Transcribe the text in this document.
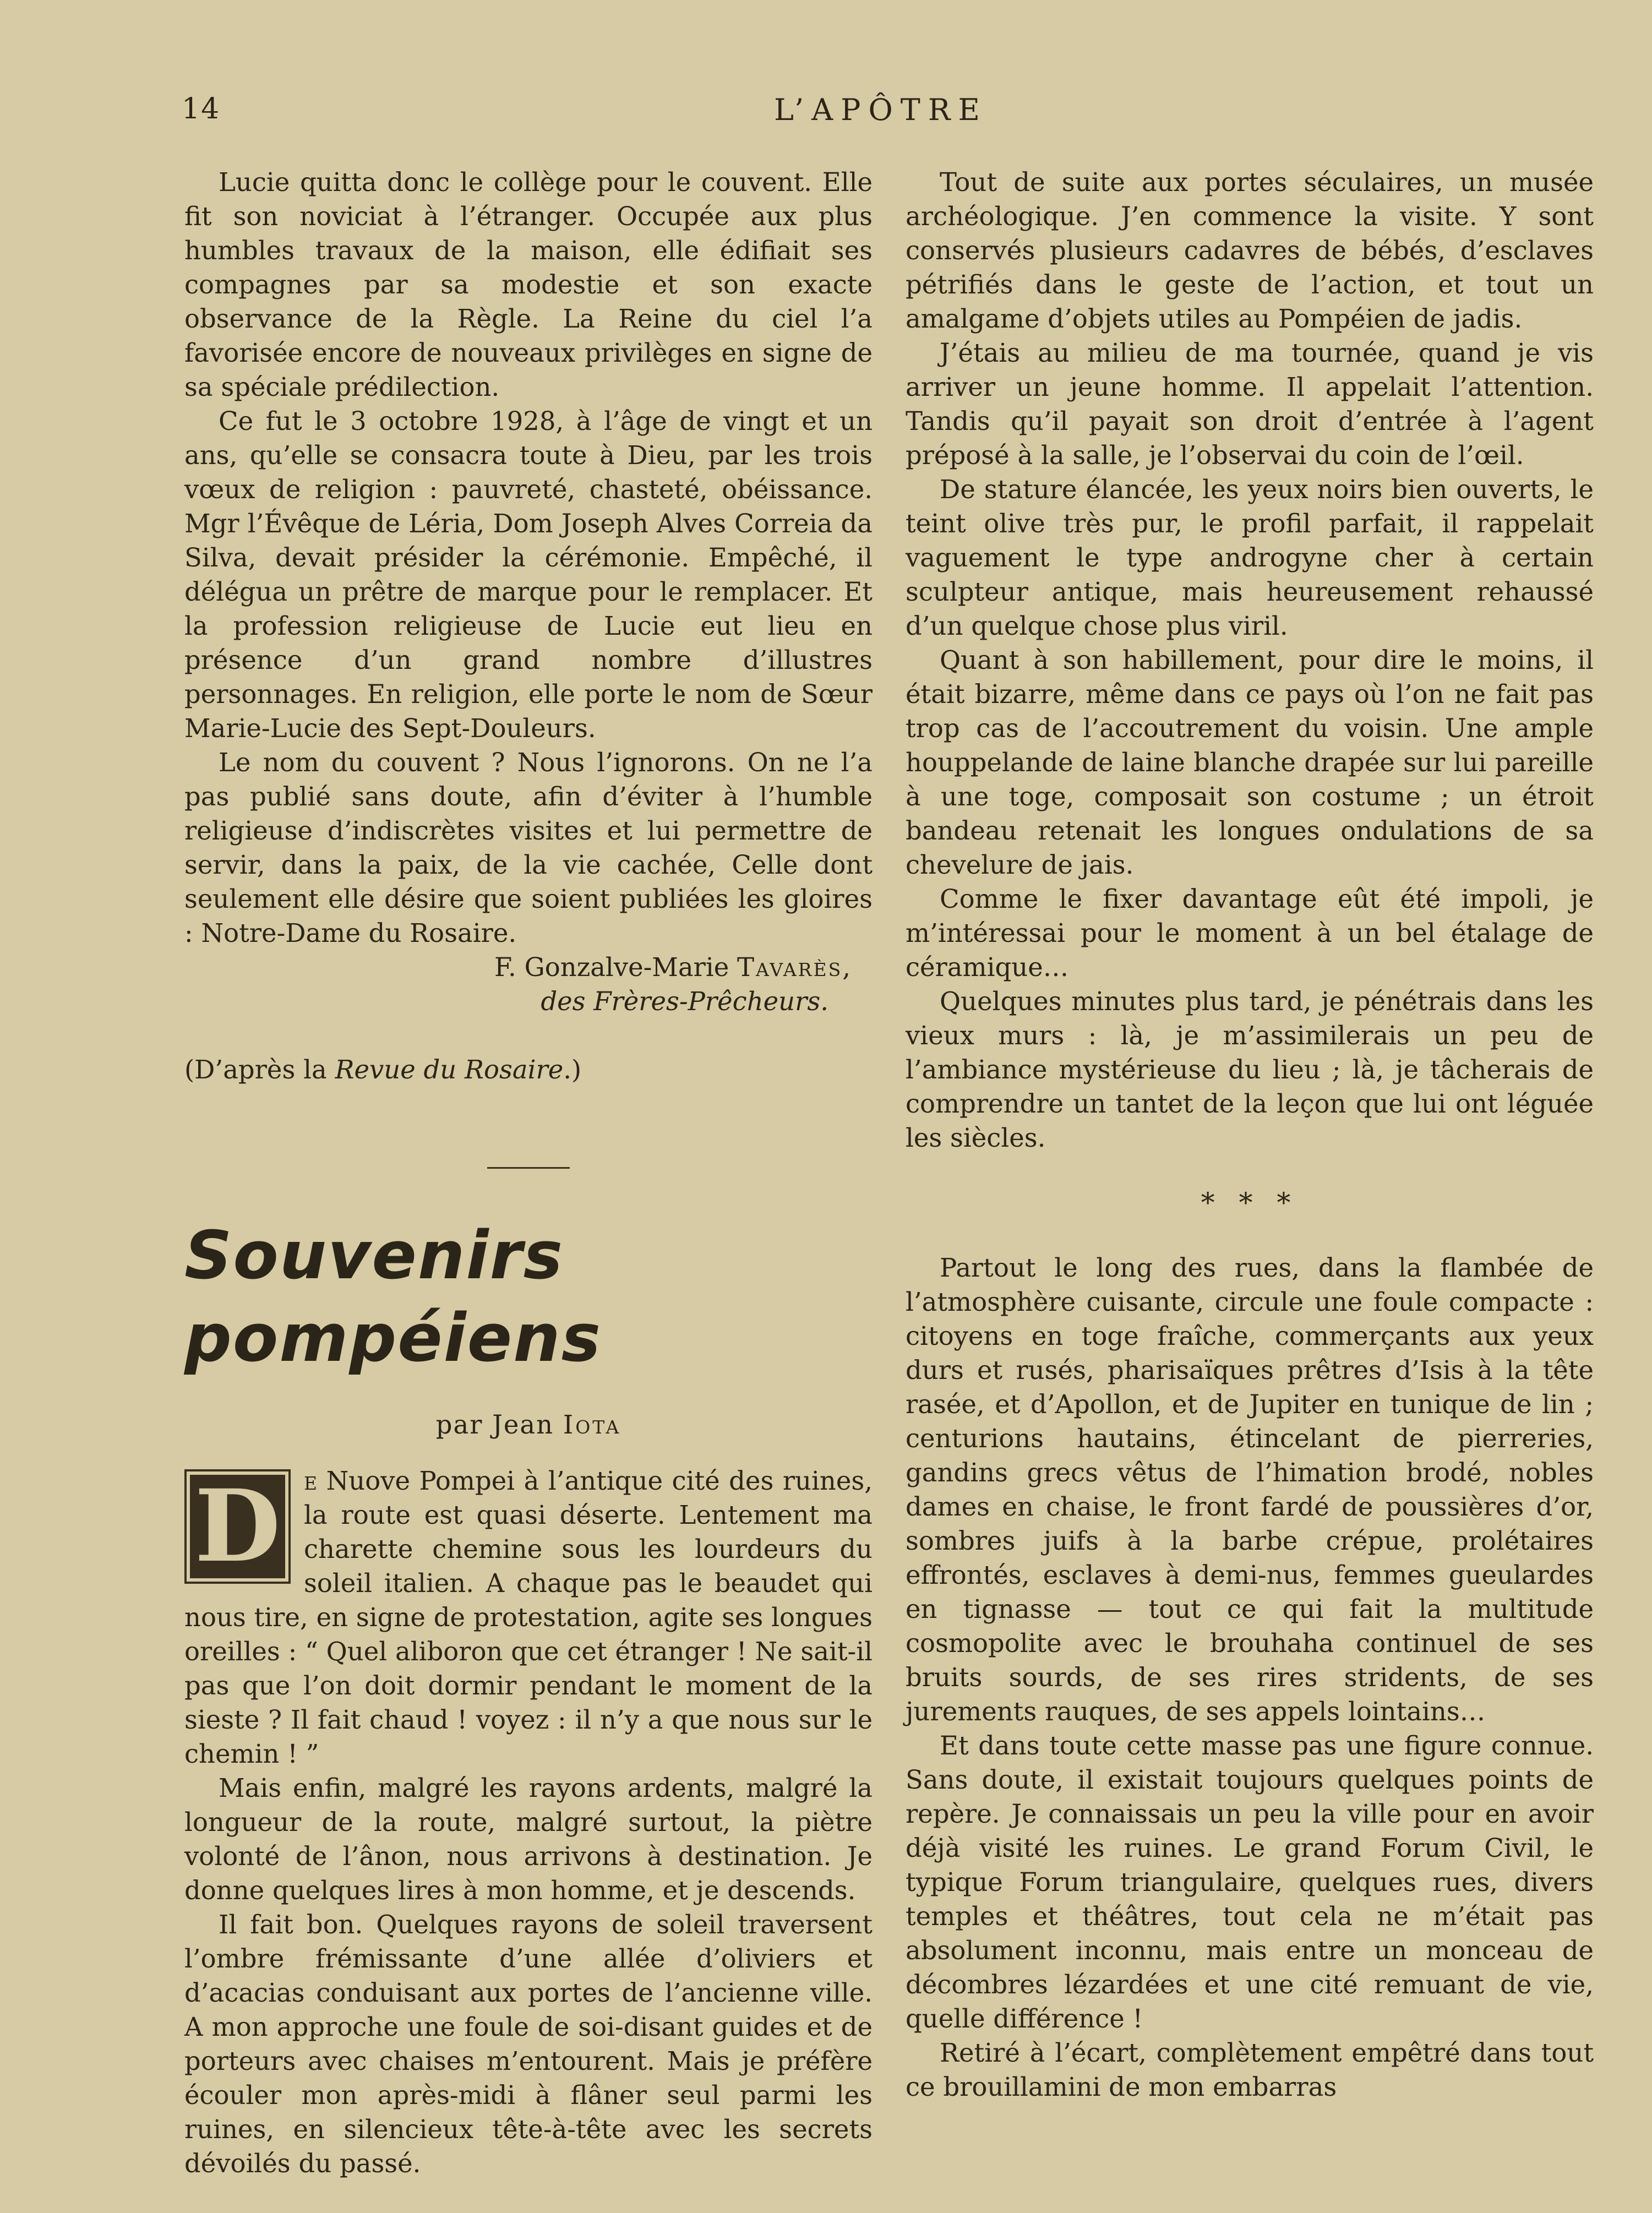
14	L’APÔTRE

Lucie quitta donc le collège pour le couvent. Elle fit son noviciat à l’étranger. Occupée aux plus humbles travaux de la maison, elle édifiait ses compagnes par sa modestie et son exacte observance de la Règle. La Reine du ciel l’a favorisée encore de nouveaux privilèges en signe de sa spéciale prédilection.

Ce fut le 3 octobre 1928, à l’âge de vingt et un ans, qu’elle se consacra toute à Dieu, par les trois vœux de religion : pauvreté, chasteté, obéissance. Mgr l’Évêque de Léria, Dom Joseph Alves Correia da Silva, devait présider la cérémonie. Empêché, il délégua un prêtre de marque pour le remplacer. Et la profession religieuse de Lucie eut lieu en présence d’un grand nombre d’illustres personnages. En religion, elle porte le nom de Sœur Marie-Lucie des Sept-Douleurs.

Le nom du couvent ? Nous l’ignorons. On ne l’a pas publié sans doute, afin d’éviter à l’humble religieuse d’indiscrètes visites et lui permettre de servir, dans la paix, de la vie cachée, Celle dont seulement elle désire que soient publiées les gloires : Notre-Dame du Rosaire.

F. Gonzalve-Marie Tavarès,

des Frères-Prêcheurs.

(D’après la Revue du Rosaire.)

Souvenirs pompéiens

par Jean Iota

D e Nuove Pompei à l’antique cité des ruines, la route est quasi déserte. Lentement ma charette chemine sous les lourdeurs du soleil italien. A chaque pas le beaudet qui nous tire, en signe de protestation, agite ses longues oreilles : “ Quel aliboron que cet étranger ! Ne sait-il pas que l’on doit dormir pendant le moment de la sieste ? Il fait chaud ! voyez : il n’y a que nous sur le chemin ! ”

Mais enfin, malgré les rayons ardents, malgré la longueur de la route, malgré surtout, la piètre volonté de l’ânon, nous arrivons à destination. Je donne quelques lires à mon homme, et je descends.

Il fait bon. Quelques rayons de soleil traversent l’ombre frémissante d’une allée d’oliviers et d’acacias conduisant aux portes de l’ancienne ville. A mon approche une foule de soi-disant guides et de porteurs avec chaises m’entourent. Mais je préfère écouler mon après-midi à flâner seul parmi les ruines, en silencieux tête-à-tête avec les secrets dévoilés du passé.

Tout de suite aux portes séculaires, un musée archéologique. J’en commence la visite. Y sont conservés plusieurs cadavres de bébés, d’esclaves pétrifiés dans le geste de l’action, et tout un amalgame d’objets utiles au Pompéien de jadis.

J’étais au milieu de ma tournée, quand je vis arriver un jeune homme. Il appelait l’attention. Tandis qu’il payait son droit d’entrée à l’agent préposé à la salle, je l’observai du coin de l’œil.

De stature élancée, les yeux noirs bien ouverts, le teint olive très pur, le profil parfait, il rappelait vaguement le type androgyne cher à certain sculpteur antique, mais heureusement rehaussé d’un quelque chose plus viril.

Quant à son habillement, pour dire le moins, il était bizarre, même dans ce pays où l’on ne fait pas trop cas de l’accoutrement du voisin. Une ample houppelande de laine blanche drapée sur lui pareille à une toge, composait son costume ; un étroit bandeau retenait les longues ondulations de sa chevelure de jais.

Comme le fixer davantage eût été impoli, je m’intéressai pour le moment à un bel étalage de céramique…

Quelques minutes plus tard, je pénétrais dans les vieux murs : là, je m’assimilerais un peu de l’ambiance mystérieuse du lieu ; là, je tâcherais de comprendre un tantet de la leçon que lui ont léguée les siècles.

* * *

Partout le long des rues, dans la flambée de l’atmosphère cuisante, circule une foule compacte : citoyens en toge fraîche, commerçants aux yeux durs et rusés, pharisaïques prêtres d’Isis à la tête rasée, et d’Apollon, et de Jupiter en tunique de lin ; centurions hautains, étincelant de pierreries, gandins grecs vêtus de l’himation brodé, nobles dames en chaise, le front fardé de poussières d’or, sombres juifs à la barbe crépue, prolétaires effrontés, esclaves à demi-nus, femmes gueulardes en tignasse — tout ce qui fait la multitude cosmopolite avec le brouhaha continuel de ses bruits sourds, de ses rires stridents, de ses jurements rauques, de ses appels lointains…

Et dans toute cette masse pas une figure connue. Sans doute, il existait toujours quelques points de repère. Je connaissais un peu la ville pour en avoir déjà visité les ruines. Le grand Forum Civil, le typique Forum triangulaire, quelques rues, divers temples et théâtres, tout cela ne m’était pas absolument inconnu, mais entre un monceau de décombres lézardées et une cité remuant de vie, quelle différence !

Retiré à l’écart, complètement empêtré dans tout ce brouillamini de mon embarras
